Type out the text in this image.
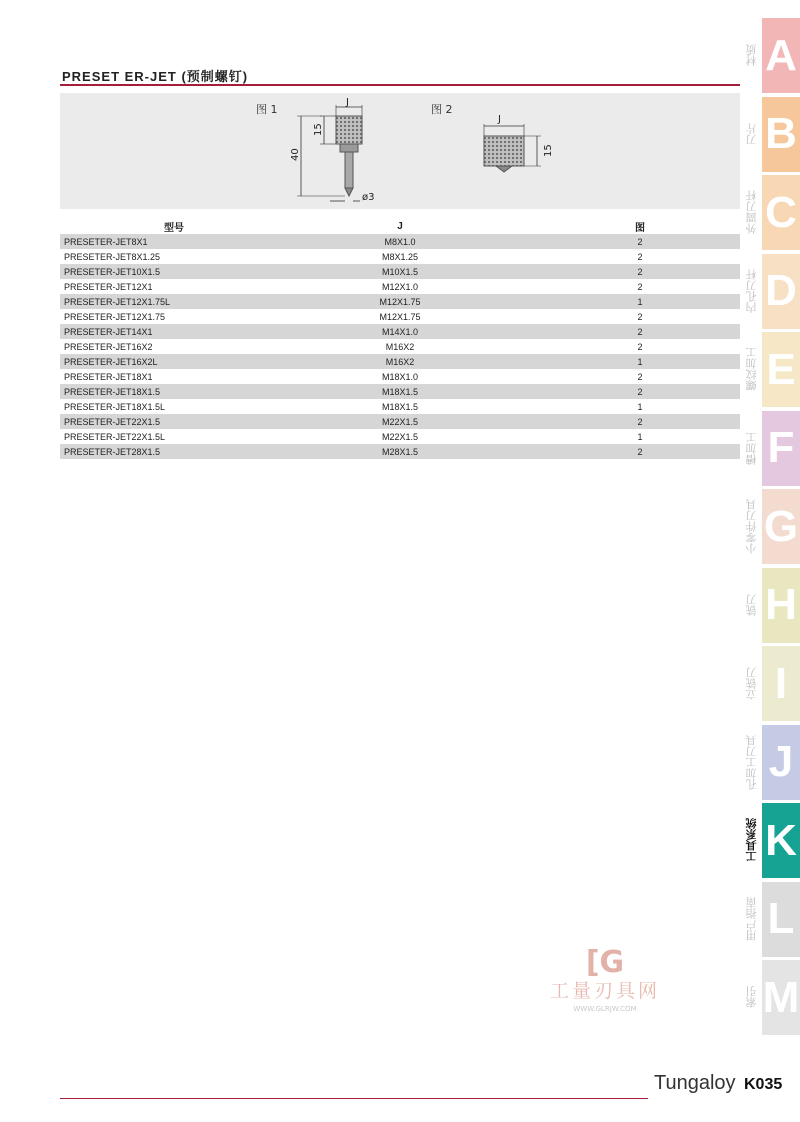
PRESET ER-JET (预制螺钉)
图 1	图 2
J
15
40
ø3
J
15
型号	J	图
PRESETER-JET8X1	M8X1.0	2
PRESETER-JET8X1.25	M8X1.25	2
PRESETER-JET10X1.5	M10X1.5	2
PRESETER-JET12X1	M12X1.0	2
PRESETER-JET12X1.75L	M12X1.75	1
PRESETER-JET12X1.75	M12X1.75	2
PRESETER-JET14X1	M14X1.0	2
PRESETER-JET16X2	M16X2	2
PRESETER-JET16X2L	M16X2	1
PRESETER-JET18X1	M18X1.0	2
PRESETER-JET18X1.5	M18X1.5	2
PRESETER-JET18X1.5L	M18X1.5	1
PRESETER-JET22X1.5	M22X1.5	2
PRESETER-JET22X1.5L	M22X1.5	1
PRESETER-JET28X1.5	M28X1.5	2
材质 A
刀片 B
外圆刀杆 C
内孔刀杆 D
螺纹加工 E
槽加工 F
小零件刀具 G
铣刀 H
立铣刀 I
孔加工刀具 J
工具系统 K
用户指南 L
索引 M
[G
工量刃具网
WWW.GLRJW.COM
Tungaloy K035
